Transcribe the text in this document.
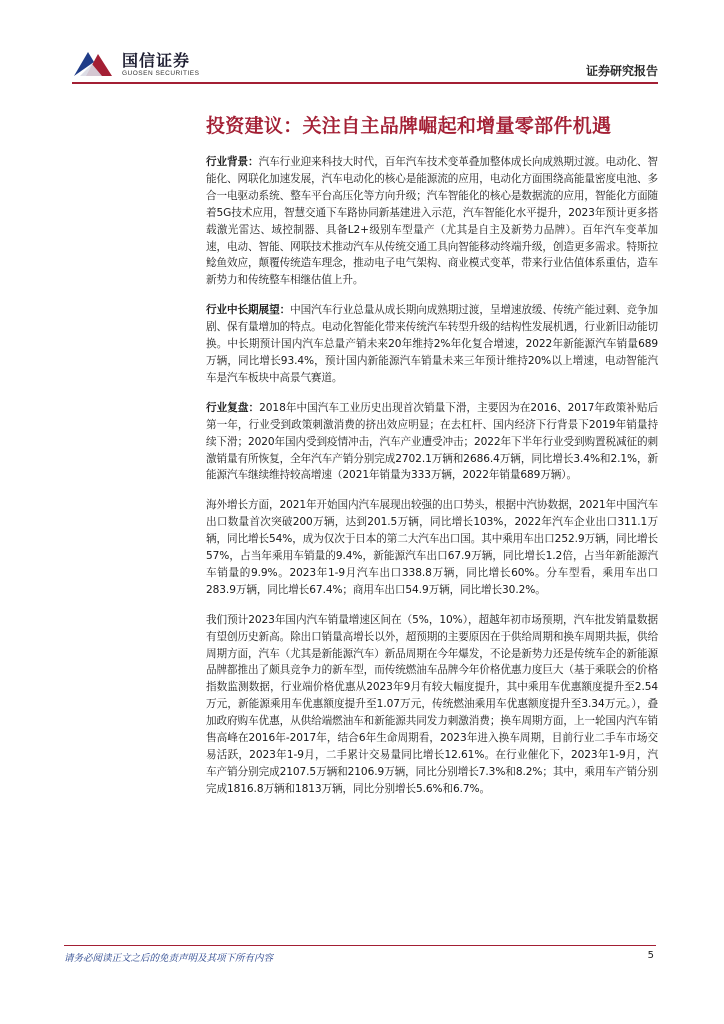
国信证券
GUOSEN SECURITIES	证券研究报告
投资建议：关注自主品牌崛起和增量零部件机遇

行业背景：汽车行业迎来科技大时代，百年汽车技术变革叠加整体成长向成熟期过渡。电动化、智能化、网联化加速发展，汽车电动化的核心是能源流的应用，电动化方面围绕高能量密度电池、多合一电驱动系统、整车平台高压化等方向升级；汽车智能化的核心是数据流的应用，智能化方面随着5G技术应用，智慧交通下车路协同新基建进入示范，汽车智能化水平提升，2023年预计更多搭载激光雷达、域控制器、具备L2+级别车型量产（尤其是自主及新势力品牌）。百年汽车变革加速，电动、智能、网联技术推动汽车从传统交通工具向智能移动终端升级，创造更多需求。特斯拉鲶鱼效应，颠覆传统造车理念，推动电子电气架构、商业模式变革，带来行业估值体系重估，造车新势力和传统整车相继估值上升。

行业中长期展望：中国汽车行业总量从成长期向成熟期过渡，呈增速放缓、传统产能过剩、竞争加剧、保有量增加的特点。电动化智能化带来传统汽车转型升级的结构性发展机遇，行业新旧动能切换。中长期预计国内汽车总量产销未来20年维持2%年化复合增速，2022年新能源汽车销量689万辆，同比增长93.4%，预计国内新能源汽车销量未来三年预计维持20%以上增速，电动智能汽车是汽车板块中高景气赛道。

行业复盘：2018年中国汽车工业历史出现首次销量下滑，主要因为在2016、2017年政策补贴后第一年，行业受到政策刺激消费的挤出效应明显；在去杠杆、国内经济下行背景下2019年销量持续下滑；2020年国内受到疫情冲击，汽车产业遭受冲击；2022年下半年行业受到购置税减征的刺激销量有所恢复，全年汽车产销分别完成2702.1万辆和2686.4万辆，同比增长3.4%和2.1%，新能源汽车继续维持较高增速（2021年销量为333万辆，2022年销量689万辆）。

海外增长方面，2021年开始国内汽车展现出较强的出口势头，根据中汽协数据，2021年中国汽车出口数量首次突破200万辆，达到201.5万辆，同比增长103%，2022年汽车企业出口311.1万辆，同比增长54%，成为仅次于日本的第二大汽车出口国。其中乘用车出口252.9万辆，同比增长57%，占当年乘用车销量的9.4%，新能源汽车出口67.9万辆，同比增长1.2倍，占当年新能源汽车销量的9.9%。2023年1-9月汽车出口338.8万辆，同比增长60%。分车型看，乘用车出口283.9万辆，同比增长67.4%；商用车出口54.9万辆，同比增长30.2%。

我们预计2023年国内汽车销量增速区间在（5%，10%），超越年初市场预期，汽车批发销量数据有望创历史新高。除出口销量高增长以外，超预期的主要原因在于供给周期和换车周期共振，供给周期方面，汽车（尤其是新能源汽车）新品周期在今年爆发，不论是新势力还是传统车企的新能源品牌都推出了颇具竞争力的新车型，而传统燃油车品牌今年价格优惠力度巨大（基于乘联会的价格指数监测数据，行业端价格优惠从2023年9月有较大幅度提升，其中乘用车优惠额度提升至2.54万元，新能源乘用车优惠额度提升至1.07万元，传统燃油乘用车优惠额度提升至3.34万元。），叠加政府购车优惠，从供给端燃油车和新能源共同发力刺激消费；换车周期方面，上一轮国内汽车销售高峰在2016年-2017年，结合6年生命周期看，2023年进入换车周期，目前行业二手车市场交易活跃，2023年1-9月，二手累计交易量同比增长12.61%。在行业催化下，2023年1-9月，汽车产销分别完成2107.5万辆和2106.9万辆，同比分别增长7.3%和8.2%；其中，乘用车产销分别完成1816.8万辆和1813万辆，同比分别增长5.6%和6.7%。

请务必阅读正文之后的免责声明及其项下所有内容	5
